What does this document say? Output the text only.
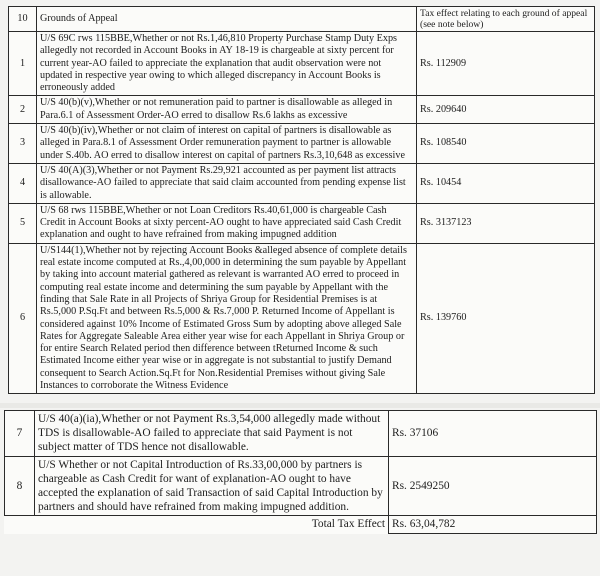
10	Grounds of Appeal	Tax effect relating to each ground of appeal (see note below)
1	U/S 69C rws 115BBE,Whether or not Rs.1,46,810 Property Purchase Stamp Duty Exps allegedly not recorded in Account Books in AY 18-19 is chargeable at sixty percent for current year-AO failed to appreciate the explanation that audit observation were not updated in respective year owing to which alleged discrepancy in Account Books is erroneously added	Rs. 112909
2	U/S 40(b)(v),Whether or not remuneration paid to partner is disallowable as alleged in Para.6.1 of Assessment Order-AO erred to disallow Rs.6 lakhs as excessive	Rs. 209640
3	U/S 40(b)(iv),Whether or not claim of interest on capital of partners is disallowable as alleged in Para.8.1 of Assessment Order remuneration payment to partner is allowable under S.40b. AO erred to disallow interest on capital of partners Rs.3,10,648 as excessive	Rs. 108540
4	U/S 40(A)(3),Whether or not Payment Rs.29,921 accounted as per payment list attracts disallowance-AO failed to appreciate that said claim accounted from pending expense list is allowable.	Rs. 10454
5	U/S 68 rws 115BBE,Whether or not Loan Creditors Rs.40,61,000 is chargeable Cash Credit in Account Books at sixty percent-AO ought to have appreciated said Cash Credit explanation and ought to have refrained from making impugned addition	Rs. 3137123
6	U/S144(1),Whether not by rejecting Account Books &alleged absence of complete details real estate income computed at Rs.,4,00,000 in determining the sum payable by Appellant by taking into account material gathered as relevant is warranted AO erred to proceed in computing real estate income and determining the sum payable by Appellant with the finding that Sale Rate in all Projects of Shriya Group for Residential Premises is at Rs.5,000 P.Sq.Ft and between Rs.5,000 & Rs.7,000 P. Returned Income of Appellant is considered against 10% Income of Estimated Gross Sum by adopting above alleged Sale Rates for Aggregate Saleable Area either year wise for each Appellant in Shriya Group or for entire Search Related period then difference between tReturned Income & such Estimated Income either year wise or in aggregate is not substantial to justify Demand consequent to Search Action.Sq.Ft for Non.Residential Premises without giving Sale Instances to corroborate the Witness Evidence	Rs. 139760
7	U/S 40(a)(ia),Whether or not Payment Rs.3,54,000 allegedly made without TDS is disallowable-AO failed to appreciate that said Payment is not subject matter of TDS hence not disallowable.	Rs. 37106
8	U/S Whether or not Capital Introduction of Rs.33,00,000 by partners is chargeable as Cash Credit for want of explanation-AO ought to have accepted the explanation of said Transaction of said Capital Introduction by partners and should have refrained from making impugned addition.	Rs. 2549250
	Total Tax Effect	Rs. 63,04,782
